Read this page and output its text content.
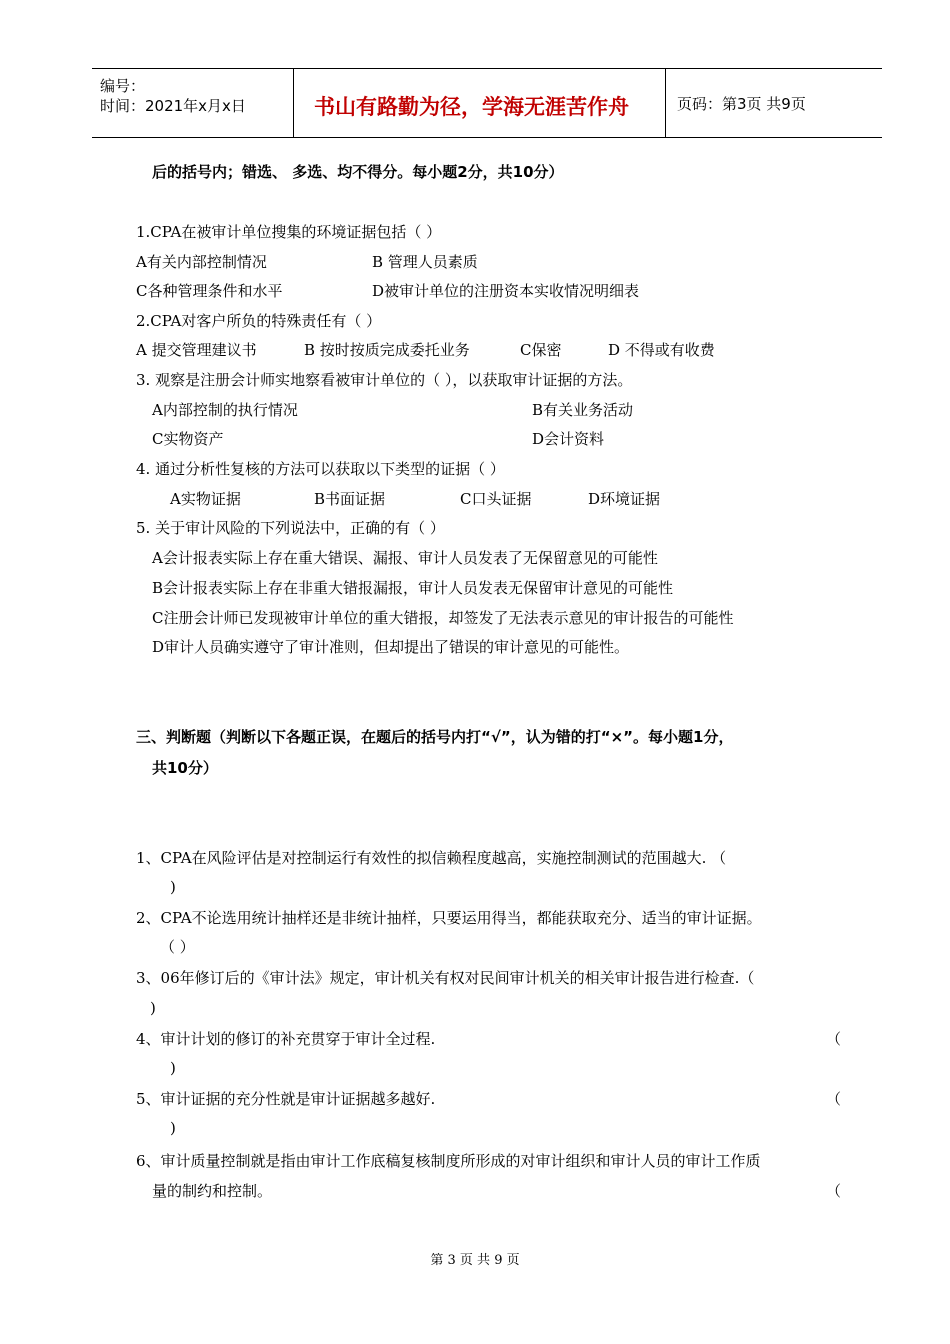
编号：
时间：2021年x月x日	书山有路勤为径，学海无涯苦作舟	页码：第3页 共9页
后的括号内；错选、 多选、均不得分。每小题2分，共10分）
1.CPA在被审计单位搜集的环境证据包括（ ）
A有关内部控制情况	B 管理人员素质
C各种管理条件和水平	D被审计单位的注册资本实收情况明细表
2.CPA对客户所负的特殊责任有（ ）
A 提交管理建议书	B 按时按质完成委托业务	C保密	D 不得或有收费
3. 观察是注册会计师实地察看被审计单位的（ ），以获取审计证据的方法。
A内部控制的执行情况	B有关业务活动
C实物资产	D会计资料
4. 通过分析性复核的方法可以获取以下类型的证据（ ）
A实物证据	B书面证据	C口头证据	D环境证据
5. 关于审计风险的下列说法中，正确的有（ ）
A会计报表实际上存在重大错误、漏报、审计人员发表了无保留意见的可能性
B会计报表实际上存在非重大错报漏报，审计人员发表无保留审计意见的可能性
C注册会计师已发现被审计单位的重大错报，却签发了无法表示意见的审计报告的可能性
D审计人员确实遵守了审计准则，但却提出了错误的审计意见的可能性。
三、判断题（判断以下各题正误，在题后的括号内打“√”，认为错的打“×”。每小题1分，
共10分）
1、CPA在风险评估是对控制运行有效性的拟信赖程度越高，实施控制测试的范围越大. （
)
2、CPA不论选用统计抽样还是非统计抽样，只要运用得当，都能获取充分、适当的审计证据。
（ ）
3、06年修订后的《审计法》规定，审计机关有权对民间审计机关的相关审计报告进行检查.（
)
4、审计计划的修订的补充贯穿于审计全过程.	（
)
5、审计证据的充分性就是审计证据越多越好.	（
)
6、审计质量控制就是指由审计工作底稿复核制度所形成的对审计组织和审计人员的审计工作质
量的制约和控制。	（
第 3 页 共 9 页
